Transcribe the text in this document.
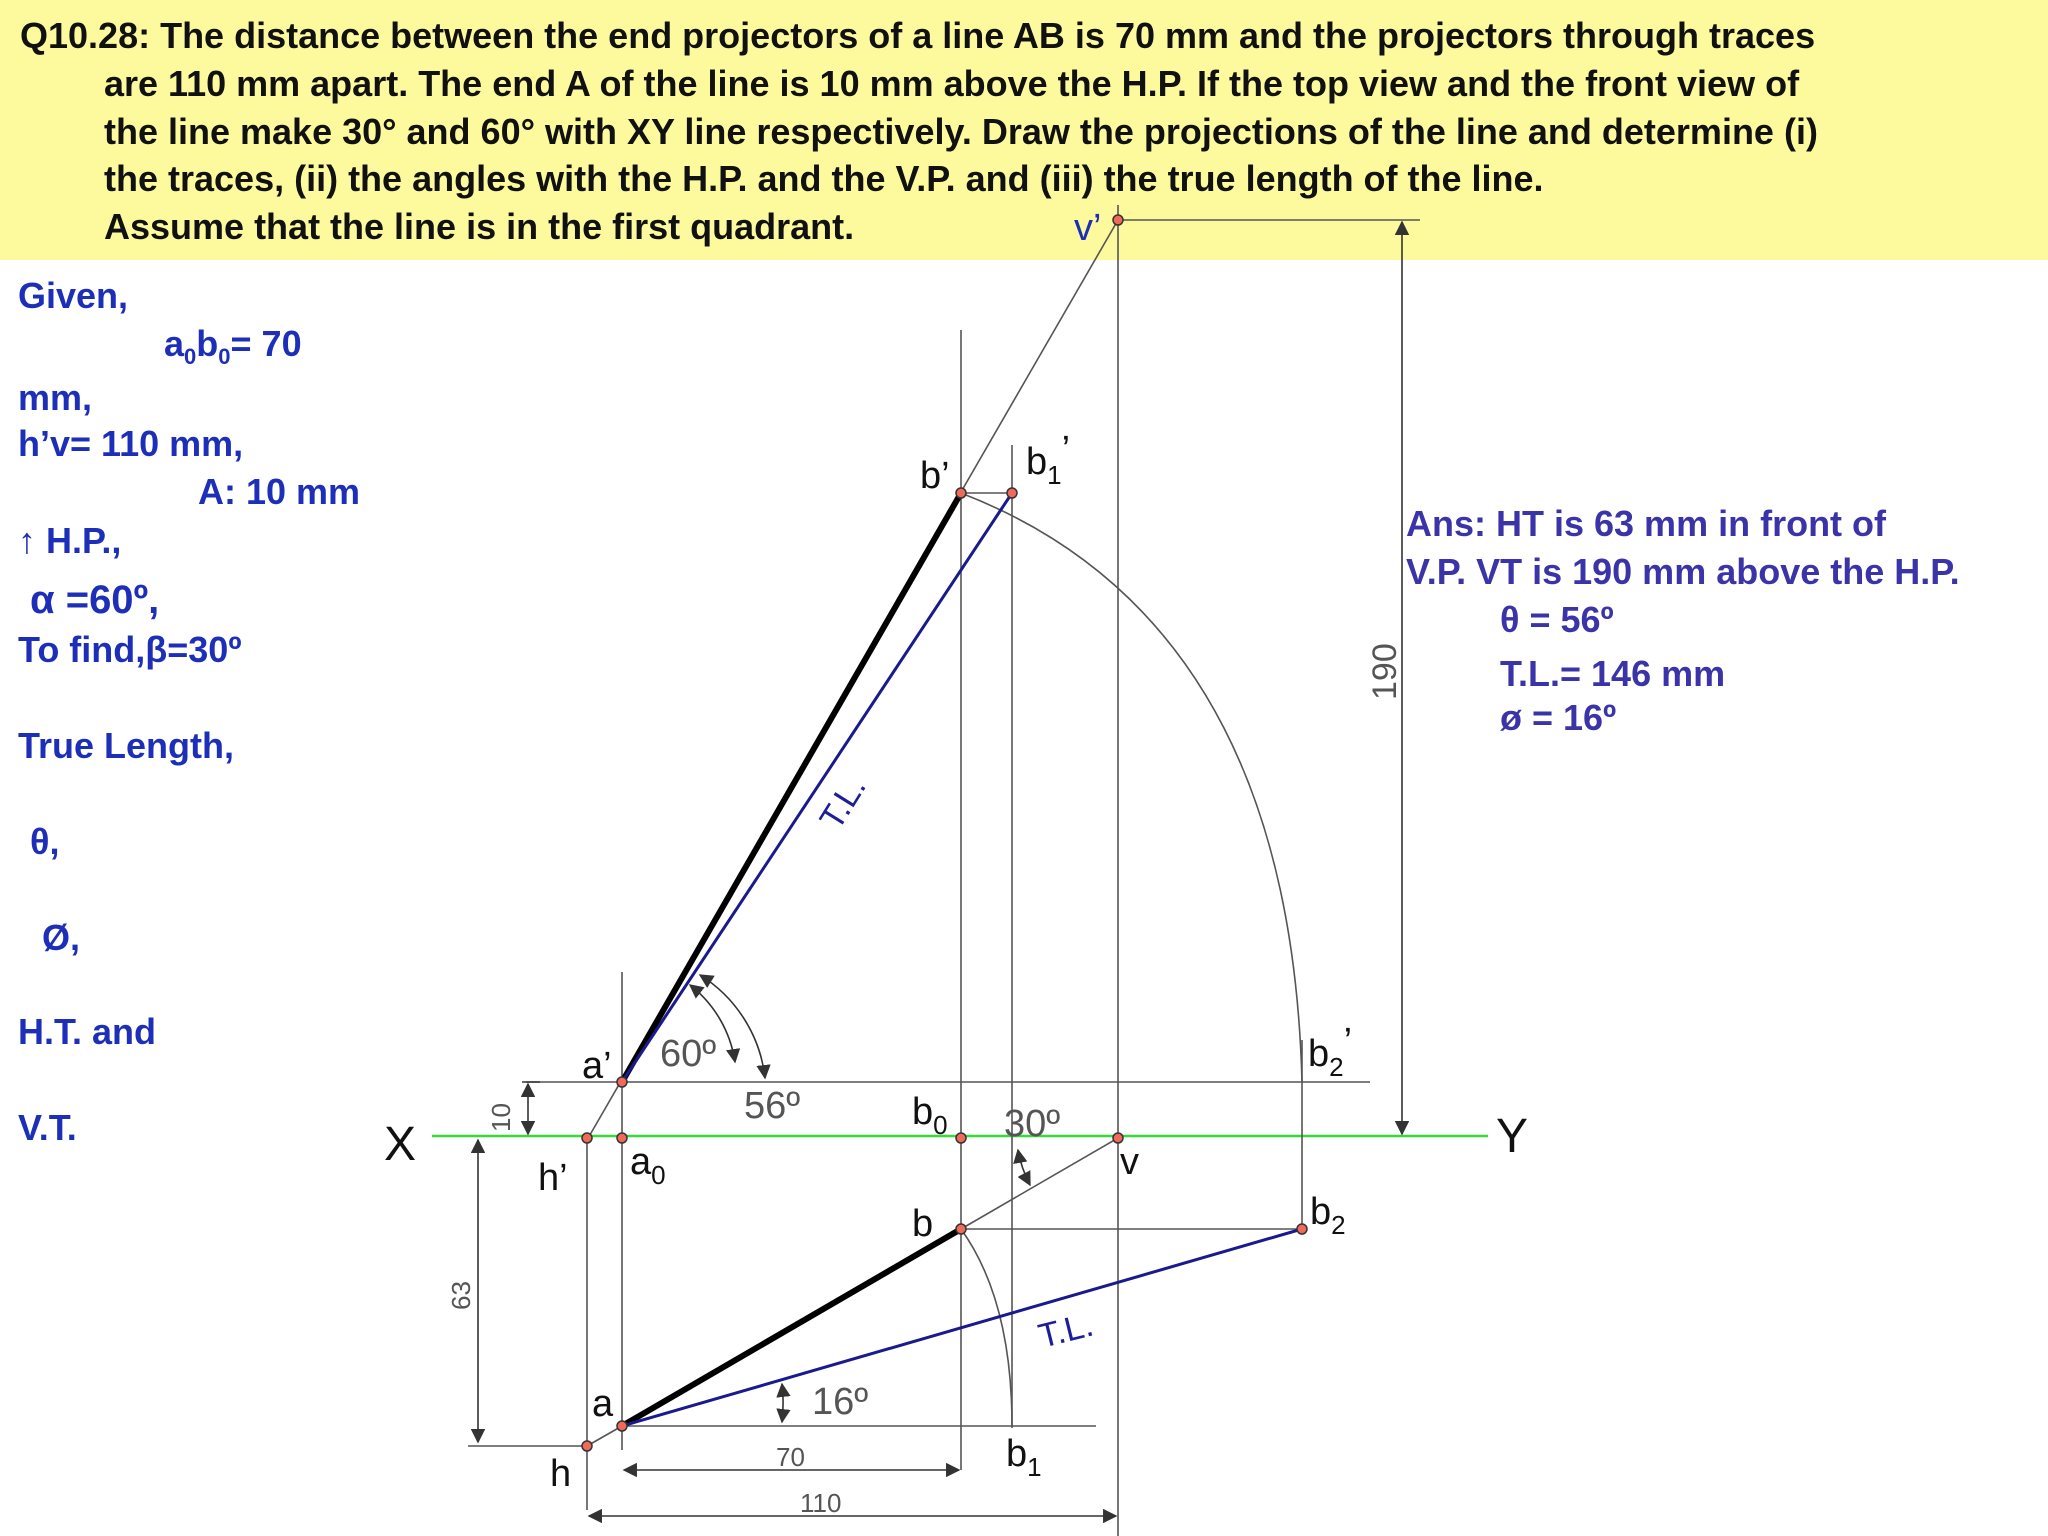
Q10.28: The distance between the end projectors of a line AB is 70 mm and the projectors through traces
are 110 mm apart. The end A of the line is 10 mm above the H.P. If the top view and the front view of
the line make 30° and 60° with XY line respectively. Draw the projections of the line and determine (i)
the traces, (ii) the angles with the H.P. and the V.P. and (iii) the true length of the line.
Assume that the line is in the first quadrant.
Given,
$a_0b_0= 70$
mm,
h’v= 110 mm,
A: 10 mm
↑ H.P.,
α =60º,
To find,β=30º
True Length,
θ,
Ø,
H.T. and
V.T.
Ans: HT is 63 mm in front of
V.P. VT is 190 mm above the H.P.
θ = 56º
T.L.= 146 mm
ø = 16º
X	Y
a’
b’ b1’
v’
h’ a0
b0
v
b
a
h	b1
b2
b2’
60º
56º	30º
16º
T.L.
T.L.
10
63
190
70
110
